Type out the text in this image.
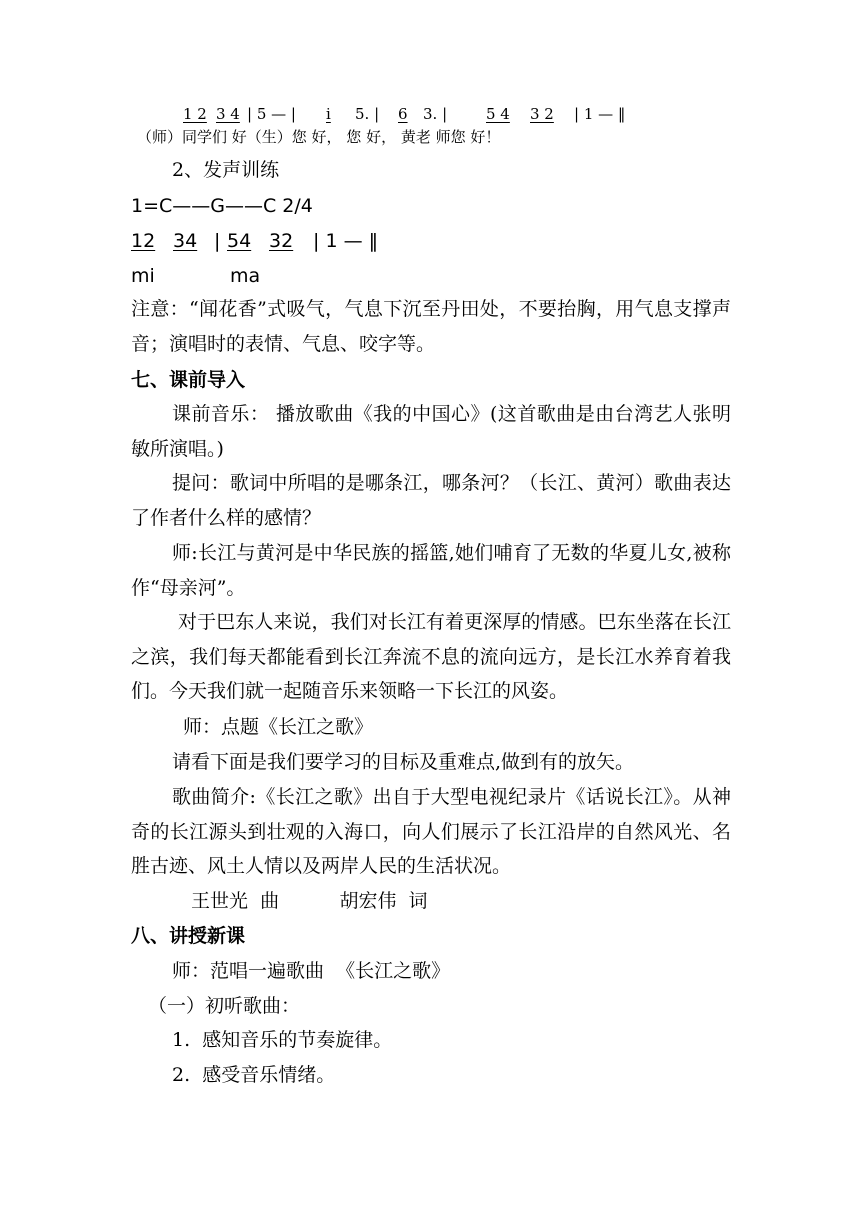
1 2 3 4 | 5 — | i 5. | 6 3. |	5 4 3 2 | 1 — ‖
（师）同学们 好（生）您 好， 您 好， 黄老 师您 好！
2、发声训练
1=C——G——C 2/4
12 34 | 54 32 | 1 — ‖
mi	ma
注意：“闻花香”式吸气，气息下沉至丹田处，不要抬胸，用气息支撑声音；演唱时的表情、气息、咬字等。
七、课前导入
课前音乐： 播放歌曲《我的中国心》(这首歌曲是由台湾艺人张明敏所演唱。)
提问：歌词中所唱的是哪条江，哪条河？（长江、黄河）歌曲表达了作者什么样的感情？
师:长江与黄河是中华民族的摇篮,她们哺育了无数的华夏儿女,被称作“母亲河”。
对于巴东人来说，我们对长江有着更深厚的情感。巴东坐落在长江之滨，我们每天都能看到长江奔流不息的流向远方，是长江水养育着我们。今天我们就一起随音乐来领略一下长江的风姿。
师：点题《长江之歌》
请看下面是我们要学习的目标及重难点,做到有的放矢。
歌曲简介:《长江之歌》出自于大型电视纪录片《话说长江》。从神奇的长江源头到壮观的入海口，向人们展示了长江沿岸的自然风光、名胜古迹、风土人情以及两岸人民的生活状况。
王世光  曲          胡宏伟  词
八、讲授新课
师：范唱一遍歌曲  《长江之歌》
（一）初听歌曲：
1.  感知音乐的节奏旋律。
2.  感受音乐情绪。
